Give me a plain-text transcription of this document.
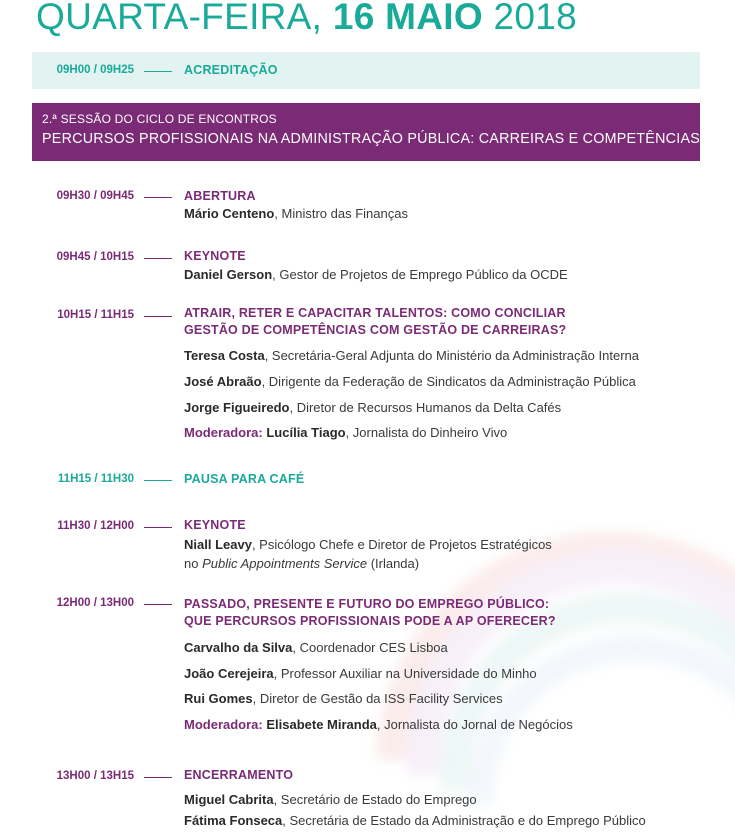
QUARTA-FEIRA, 16 MAIO 2018
09H00 / 09H25	ACREDITAÇÃO
2.ª SESSÃO DO CICLO DE ENCONTROS
PERCURSOS PROFISSIONAIS NA ADMINISTRAÇÃO PÚBLICA: CARREIRAS E COMPETÊNCIAS
09H30 / 09H45	ABERTURA
Mário Centeno, Ministro das Finanças
09H45 / 10H15	KEYNOTE
Daniel Gerson, Gestor de Projetos de Emprego Público da OCDE
10H15 / 11H15	ATRAIR, RETER E CAPACITAR TALENTOS: COMO CONCILIAR
GESTÃO DE COMPETÊNCIAS COM GESTÃO DE CARREIRAS?
Teresa Costa, Secretária-Geral Adjunta do Ministério da Administração Interna
José Abraão, Dirigente da Federação de Sindicatos da Administração Pública
Jorge Figueiredo, Diretor de Recursos Humanos da Delta Cafés
Moderadora: Lucília Tiago, Jornalista do Dinheiro Vivo
11H15 / 11H30	PAUSA PARA CAFÉ
11H30 / 12H00	KEYNOTE
Niall Leavy, Psicólogo Chefe e Diretor de Projetos Estratégicos
no Public Appointments Service (Irlanda)
12H00 / 13H00	PASSADO, PRESENTE E FUTURO DO EMPREGO PÚBLICO:
QUE PERCURSOS PROFISSIONAIS PODE A AP OFERECER?
Carvalho da Silva, Coordenador CES Lisboa
João Cerejeira, Professor Auxiliar na Universidade do Minho
Rui Gomes, Diretor de Gestão da ISS Facility Services
Moderadora: Elisabete Miranda, Jornalista do Jornal de Negócios
13H00 / 13H15	ENCERRAMENTO
Miguel Cabrita, Secretário de Estado do Emprego
Fátima Fonseca, Secretária de Estado da Administração e do Emprego Público
